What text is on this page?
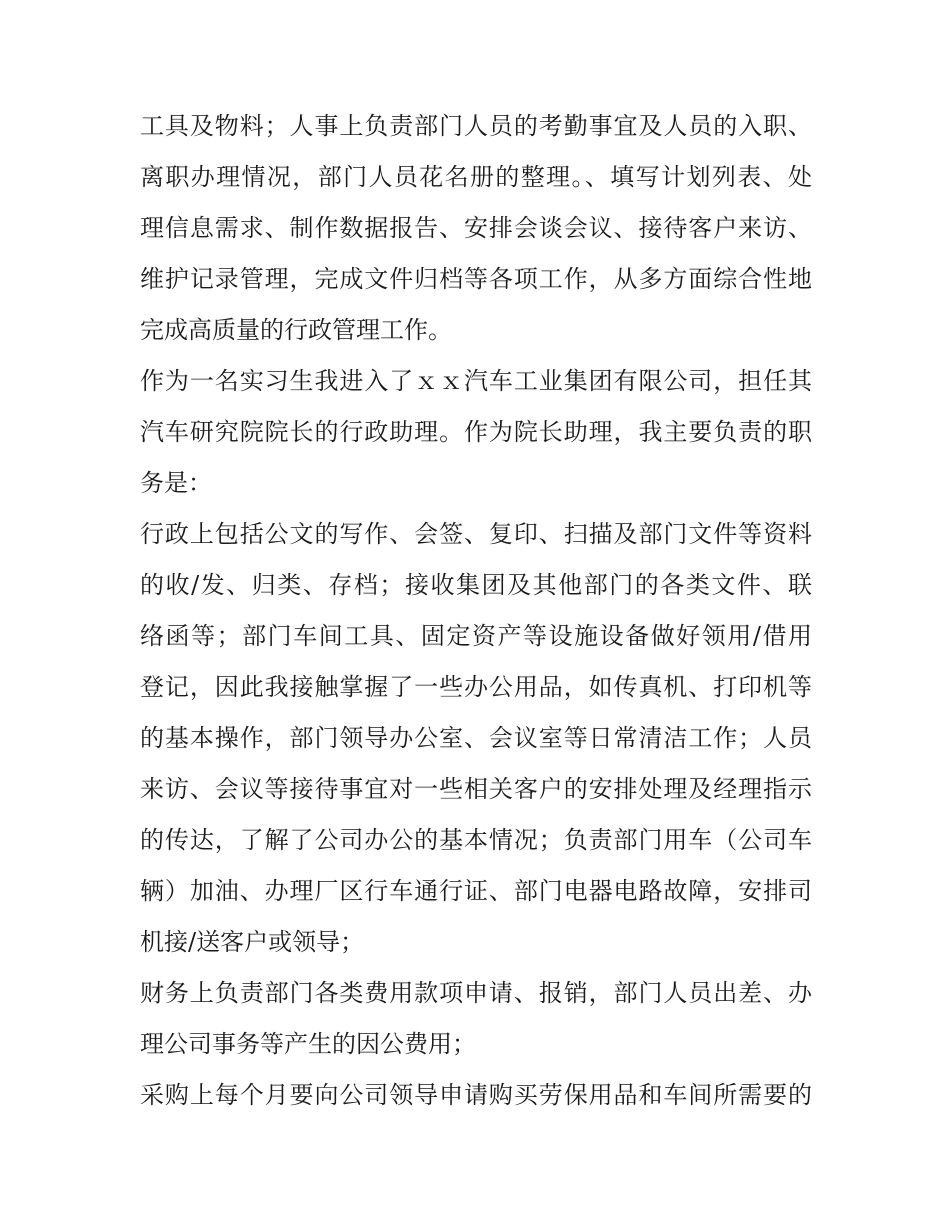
工具及物料；人事上负责部门人员的考勤事宜及人员的入职、
离职办理情况，部门人员花名册的整理。、填写计划列表、处
理信息需求、制作数据报告、安排会谈会议、接待客户来访、
维护记录管理，完成文件归档等各项工作，从多方面综合性地
完成高质量的行政管理工作。
作为一名实习生我进入了ｘｘ汽车工业集团有限公司，担任其
汽车研究院院长的行政助理。作为院长助理，我主要负责的职
务是：
行政上包括公文的写作、会签、复印、扫描及部门文件等资料
的收/发、归类、存档；接收集团及其他部门的各类文件、联
络函等；部门车间工具、固定资产等设施设备做好领用/借用
登记，因此我接触掌握了一些办公用品，如传真机、打印机等
的基本操作，部门领导办公室、会议室等日常清洁工作；人员
来访、会议等接待事宜对一些相关客户的安排处理及经理指示
的传达，了解了公司办公的基本情况；负责部门用车（公司车
辆）加油、办理厂区行车通行证、部门电器电路故障，安排司
机接/送客户或领导；
财务上负责部门各类费用款项申请、报销，部门人员出差、办
理公司事务等产生的因公费用；
采购上每个月要向公司领导申请购买劳保用品和车间所需要的
